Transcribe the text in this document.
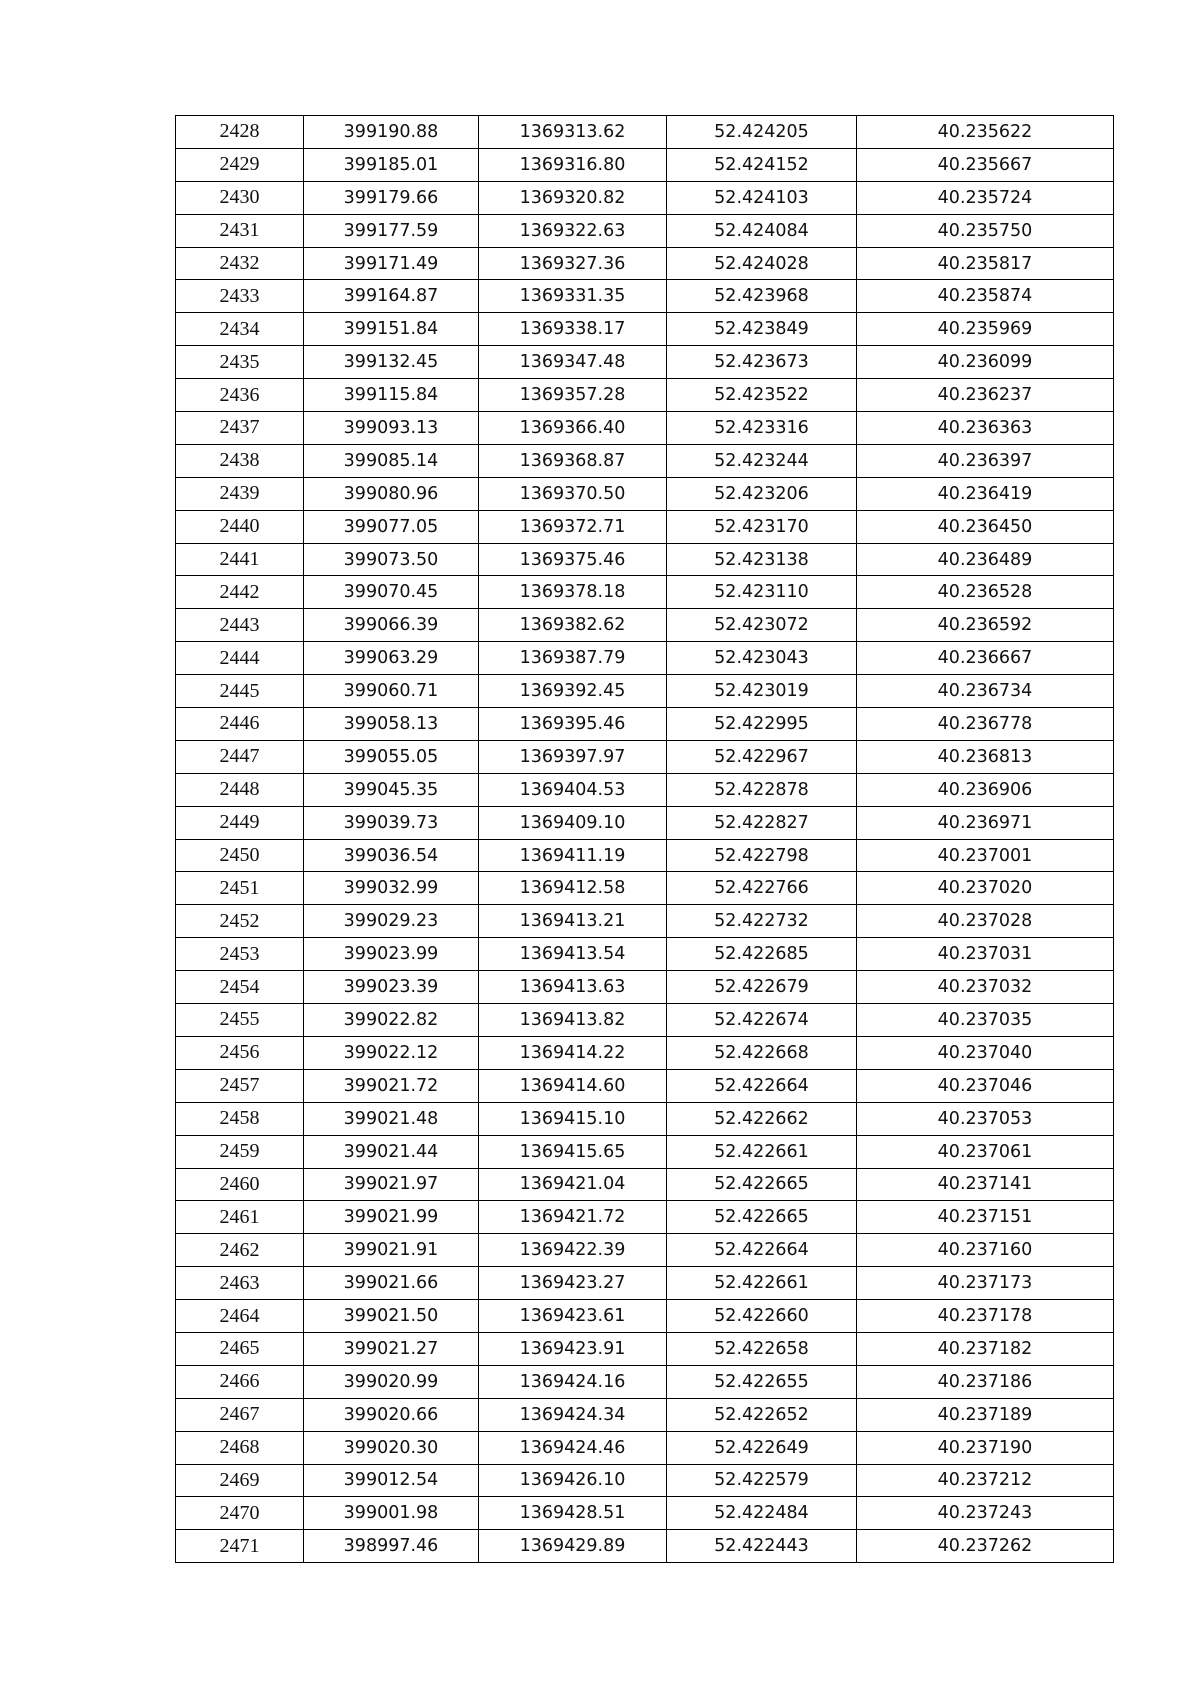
2428	399190.88	1369313.62	52.424205	40.235622
2429	399185.01	1369316.80	52.424152	40.235667
2430	399179.66	1369320.82	52.424103	40.235724
2431	399177.59	1369322.63	52.424084	40.235750
2432	399171.49	1369327.36	52.424028	40.235817
2433	399164.87	1369331.35	52.423968	40.235874
2434	399151.84	1369338.17	52.423849	40.235969
2435	399132.45	1369347.48	52.423673	40.236099
2436	399115.84	1369357.28	52.423522	40.236237
2437	399093.13	1369366.40	52.423316	40.236363
2438	399085.14	1369368.87	52.423244	40.236397
2439	399080.96	1369370.50	52.423206	40.236419
2440	399077.05	1369372.71	52.423170	40.236450
2441	399073.50	1369375.46	52.423138	40.236489
2442	399070.45	1369378.18	52.423110	40.236528
2443	399066.39	1369382.62	52.423072	40.236592
2444	399063.29	1369387.79	52.423043	40.236667
2445	399060.71	1369392.45	52.423019	40.236734
2446	399058.13	1369395.46	52.422995	40.236778
2447	399055.05	1369397.97	52.422967	40.236813
2448	399045.35	1369404.53	52.422878	40.236906
2449	399039.73	1369409.10	52.422827	40.236971
2450	399036.54	1369411.19	52.422798	40.237001
2451	399032.99	1369412.58	52.422766	40.237020
2452	399029.23	1369413.21	52.422732	40.237028
2453	399023.99	1369413.54	52.422685	40.237031
2454	399023.39	1369413.63	52.422679	40.237032
2455	399022.82	1369413.82	52.422674	40.237035
2456	399022.12	1369414.22	52.422668	40.237040
2457	399021.72	1369414.60	52.422664	40.237046
2458	399021.48	1369415.10	52.422662	40.237053
2459	399021.44	1369415.65	52.422661	40.237061
2460	399021.97	1369421.04	52.422665	40.237141
2461	399021.99	1369421.72	52.422665	40.237151
2462	399021.91	1369422.39	52.422664	40.237160
2463	399021.66	1369423.27	52.422661	40.237173
2464	399021.50	1369423.61	52.422660	40.237178
2465	399021.27	1369423.91	52.422658	40.237182
2466	399020.99	1369424.16	52.422655	40.237186
2467	399020.66	1369424.34	52.422652	40.237189
2468	399020.30	1369424.46	52.422649	40.237190
2469	399012.54	1369426.10	52.422579	40.237212
2470	399001.98	1369428.51	52.422484	40.237243
2471	398997.46	1369429.89	52.422443	40.237262
